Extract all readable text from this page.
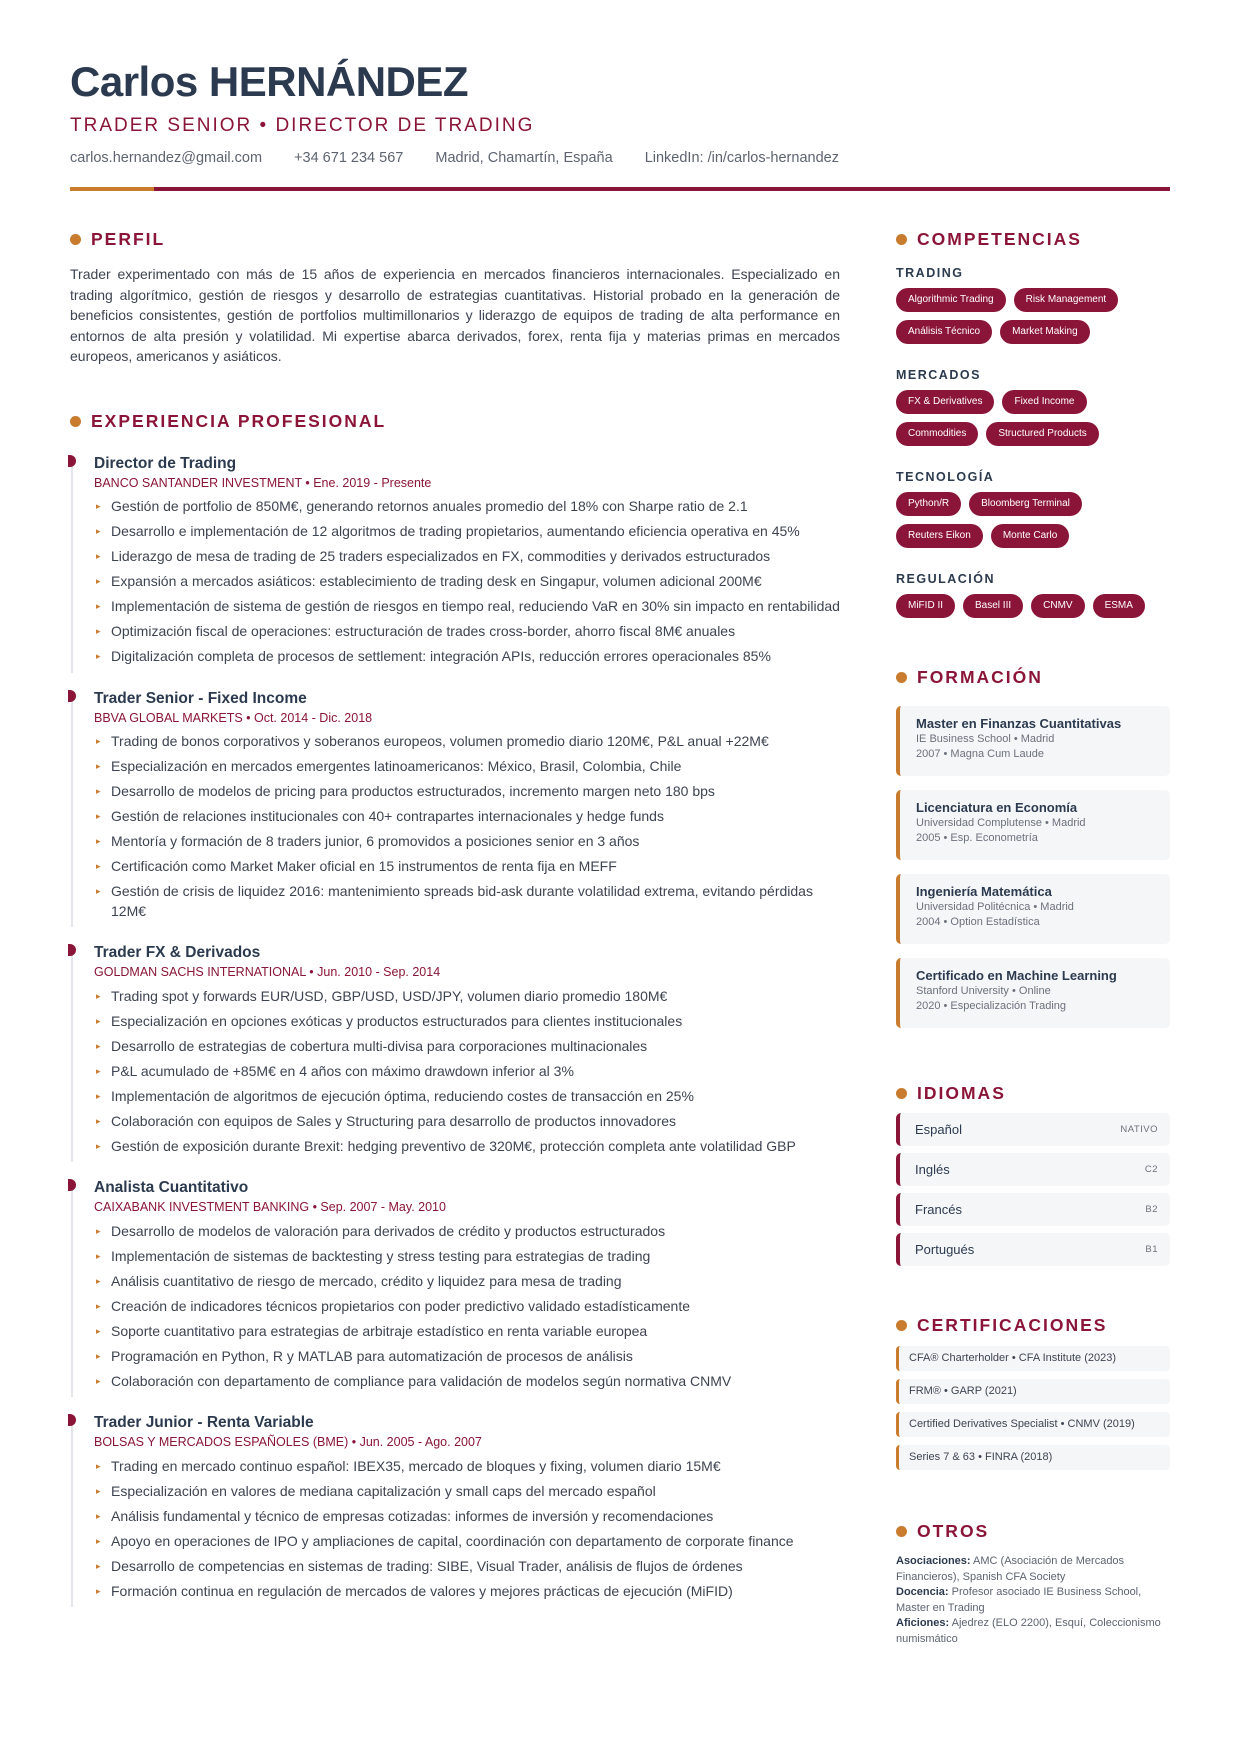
Carlos HERNÁNDEZ
TRADER SENIOR • DIRECTOR DE TRADING
carlos.hernandez@gmail.com +34 671 234 567 Madrid, Chamartín, España LinkedIn: /in/carlos-hernandez
PERFIL
Trader experimentado con más de 15 años de experiencia en mercados financieros internacionales. Especializado en trading algorítmico, gestión de riesgos y desarrollo de estrategias cuantitativas. Historial probado en la generación de beneficios consistentes, gestión de portfolios multimillonarios y liderazgo de equipos de trading de alta performance en entornos de alta presión y volatilidad. Mi expertise abarca derivados, forex, renta fija y materias primas en mercados europeos, americanos y asiáticos.
EXPERIENCIA PROFESIONAL
Director de Trading
BANCO SANTANDER INVESTMENT • Ene. 2019 - Presente
▸ Gestión de portfolio de 850M€, generando retornos anuales promedio del 18% con Sharpe ratio de 2.1
▸ Desarrollo e implementación de 12 algoritmos de trading propietarios, aumentando eficiencia operativa en 45%
▸ Liderazgo de mesa de trading de 25 traders especializados en FX, commodities y derivados estructurados
▸ Expansión a mercados asiáticos: establecimiento de trading desk en Singapur, volumen adicional 200M€
▸ Implementación de sistema de gestión de riesgos en tiempo real, reduciendo VaR en 30% sin impacto en rentabilidad
▸ Optimización fiscal de operaciones: estructuración de trades cross-border, ahorro fiscal 8M€ anuales
▸ Digitalización completa de procesos de settlement: integración APIs, reducción errores operacionales 85%
Trader Senior - Fixed Income
BBVA GLOBAL MARKETS • Oct. 2014 - Dic. 2018
▸ Trading de bonos corporativos y soberanos europeos, volumen promedio diario 120M€, P&L anual +22M€
▸ Especialización en mercados emergentes latinoamericanos: México, Brasil, Colombia, Chile
▸ Desarrollo de modelos de pricing para productos estructurados, incremento margen neto 180 bps
▸ Gestión de relaciones institucionales con 40+ contrapartes internacionales y hedge funds
▸ Mentoría y formación de 8 traders junior, 6 promovidos a posiciones senior en 3 años
▸ Certificación como Market Maker oficial en 15 instrumentos de renta fija en MEFF
▸ Gestión de crisis de liquidez 2016: mantenimiento spreads bid-ask durante volatilidad extrema, evitando pérdidas 12M€
Trader FX & Derivados
GOLDMAN SACHS INTERNATIONAL • Jun. 2010 - Sep. 2014
▸ Trading spot y forwards EUR/USD, GBP/USD, USD/JPY, volumen diario promedio 180M€
▸ Especialización en opciones exóticas y productos estructurados para clientes institucionales
▸ Desarrollo de estrategias de cobertura multi-divisa para corporaciones multinacionales
▸ P&L acumulado de +85M€ en 4 años con máximo drawdown inferior al 3%
▸ Implementación de algoritmos de ejecución óptima, reduciendo costes de transacción en 25%
▸ Colaboración con equipos de Sales y Structuring para desarrollo de productos innovadores
▸ Gestión de exposición durante Brexit: hedging preventivo de 320M€, protección completa ante volatilidad GBP
Analista Cuantitativo
CAIXABANK INVESTMENT BANKING • Sep. 2007 - May. 2010
▸ Desarrollo de modelos de valoración para derivados de crédito y productos estructurados
▸ Implementación de sistemas de backtesting y stress testing para estrategias de trading
▸ Análisis cuantitativo de riesgo de mercado, crédito y liquidez para mesa de trading
▸ Creación de indicadores técnicos propietarios con poder predictivo validado estadísticamente
▸ Soporte cuantitativo para estrategias de arbitraje estadístico en renta variable europea
▸ Programación en Python, R y MATLAB para automatización de procesos de análisis
▸ Colaboración con departamento de compliance para validación de modelos según normativa CNMV
Trader Junior - Renta Variable
BOLSAS Y MERCADOS ESPAÑOLES (BME) • Jun. 2005 - Ago. 2007
▸ Trading en mercado continuo español: IBEX35, mercado de bloques y fixing, volumen diario 15M€
▸ Especialización en valores de mediana capitalización y small caps del mercado español
▸ Análisis fundamental y técnico de empresas cotizadas: informes de inversión y recomendaciones
▸ Apoyo en operaciones de IPO y ampliaciones de capital, coordinación con departamento de corporate finance
▸ Desarrollo de competencias en sistemas de trading: SIBE, Visual Trader, análisis de flujos de órdenes
▸ Formación continua en regulación de mercados de valores y mejores prácticas de ejecución (MiFID)
COMPETENCIAS
TRADING
Algorithmic Trading	Risk Management
Análisis Técnico	Market Making
MERCADOS
FX & Derivatives	Fixed Income
Commodities	Structured Products
TECNOLOGÍA
Python/R	Bloomberg Terminal
Reuters Eikon	Monte Carlo
REGULACIÓN
MiFID II	Basel III	CNMV	ESMA
FORMACIÓN
Master en Finanzas Cuantitativas
IE Business School • Madrid
2007 • Magna Cum Laude
Licenciatura en Economía
Universidad Complutense • Madrid
2005 • Esp. Econometría
Ingeniería Matemática
Universidad Politécnica • Madrid
2004 • Option Estadística
Certificado en Machine Learning
Stanford University • Online
2020 • Especialización Trading
IDIOMAS
Español	NATIVO
Inglés	C2
Francés	B2
Portugués	B1
CERTIFICACIONES
CFA® Charterholder • CFA Institute (2023)
FRM® • GARP (2021)
Certified Derivatives Specialist • CNMV (2019)
Series 7 & 63 • FINRA (2018)
OTROS
Asociaciones: AMC (Asociación de Mercados Financieros), Spanish CFA Society
Docencia: Profesor asociado IE Business School, Master en Trading
Aficiones: Ajedrez (ELO 2200), Esquí, Coleccionismo numismático
